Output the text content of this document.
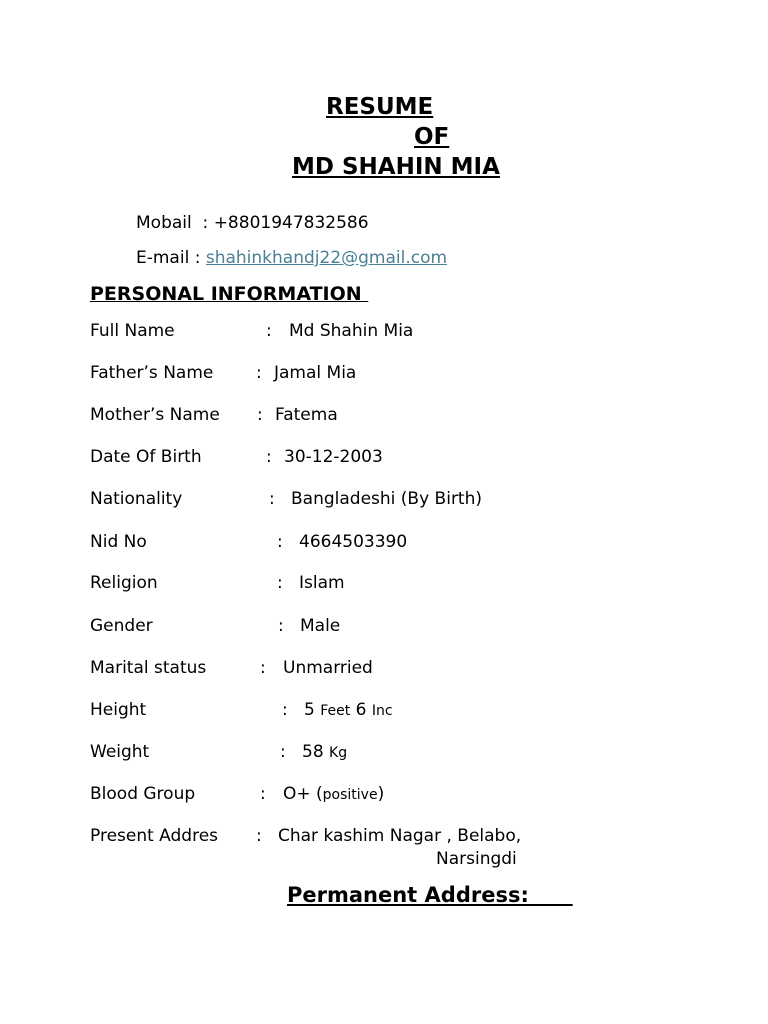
RESUME
OF
MD SHAHIN MIA
Mobail : +8801947832586
E-mail : shahinkhandj22@gmail.com
PERSONAL INFORMATION
Full Name	: Md Shahin Mia
Father’s Name	: Jamal Mia
Mother’s Name : Fatema
Date Of Birth	: 30-12-2003
Nationality	: Bangladeshi (By Birth)
Nid No	: 4664503390
Religion	: Islam
Gender	: Male
Marital status	: Unmarried
Height	: 5 Feet 6 Inc
Weight	: 58 Kg
Blood Group	: O+ (positive)
Present Addres : Char kashim Nagar , Belabo,
Narsingdi
Permanent Address:
